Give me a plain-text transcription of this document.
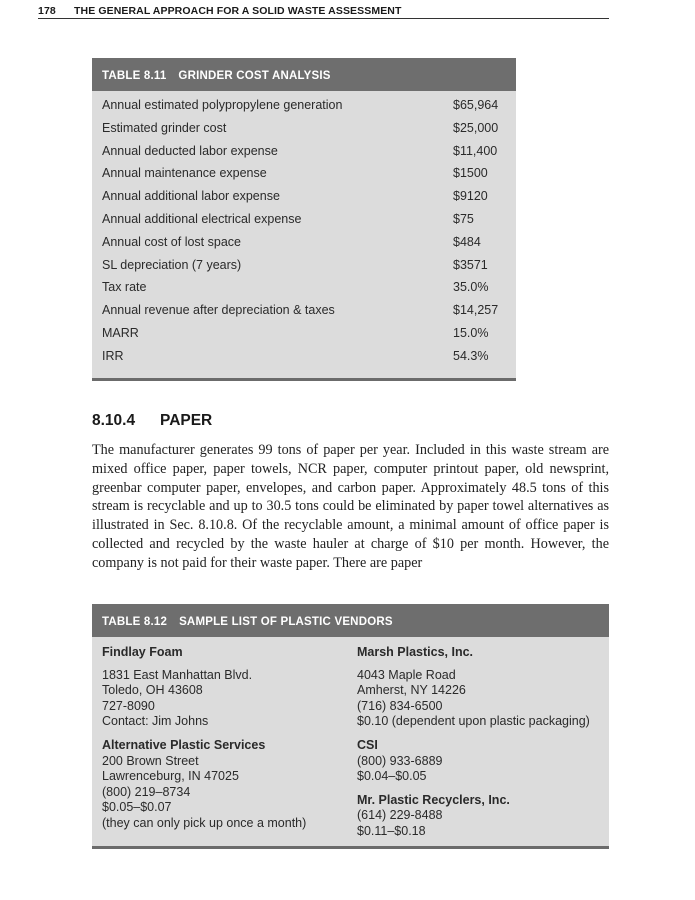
178 THE GENERAL APPROACH FOR A SOLID WASTE ASSESSMENT
TABLE 8.11 GRINDER COST ANALYSIS
Annual estimated polypropylene generation	$65,964
Estimated grinder cost	$25,000
Annual deducted labor expense	$11,400
Annual maintenance expense	$1500
Annual additional labor expense	$9120
Annual additional electrical expense	$75
Annual cost of lost space	$484
SL depreciation (7 years)	$3571
Tax rate	35.0%
Annual revenue after depreciation & taxes	$14,257
MARR	15.0%
IRR	54.3%
8.10.4 PAPER
The manufacturer generates 99 tons of paper per year. Included in this waste stream are mixed office paper, paper towels, NCR paper, computer printout paper, old newsprint, greenbar computer paper, envelopes, and carbon paper. Approximately 48.5 tons of this stream is recyclable and up to 30.5 tons could be eliminated by paper towel alternatives as illustrated in Sec. 8.10.8. Of the recyclable amount, a minimal amount of office paper is collected and recycled by the waste hauler at charge of $10 per month. However, the company is not paid for their waste paper. There are paper
TABLE 8.12 SAMPLE LIST OF PLASTIC VENDORS
Findlay Foam
1831 East Manhattan Blvd.
Toledo, OH 43608
727-8090
Contact: Jim Johns
Alternative Plastic Services
200 Brown Street
Lawrenceburg, IN 47025
(800) 219–8734
$0.05–$0.07
(they can only pick up once a month)
Marsh Plastics, Inc.
4043 Maple Road
Amherst, NY 14226
(716) 834-6500
$0.10 (dependent upon plastic packaging)
CSI
(800) 933-6889
$0.04–$0.05
Mr. Plastic Recyclers, Inc.
(614) 229-8488
$0.11–$0.18
